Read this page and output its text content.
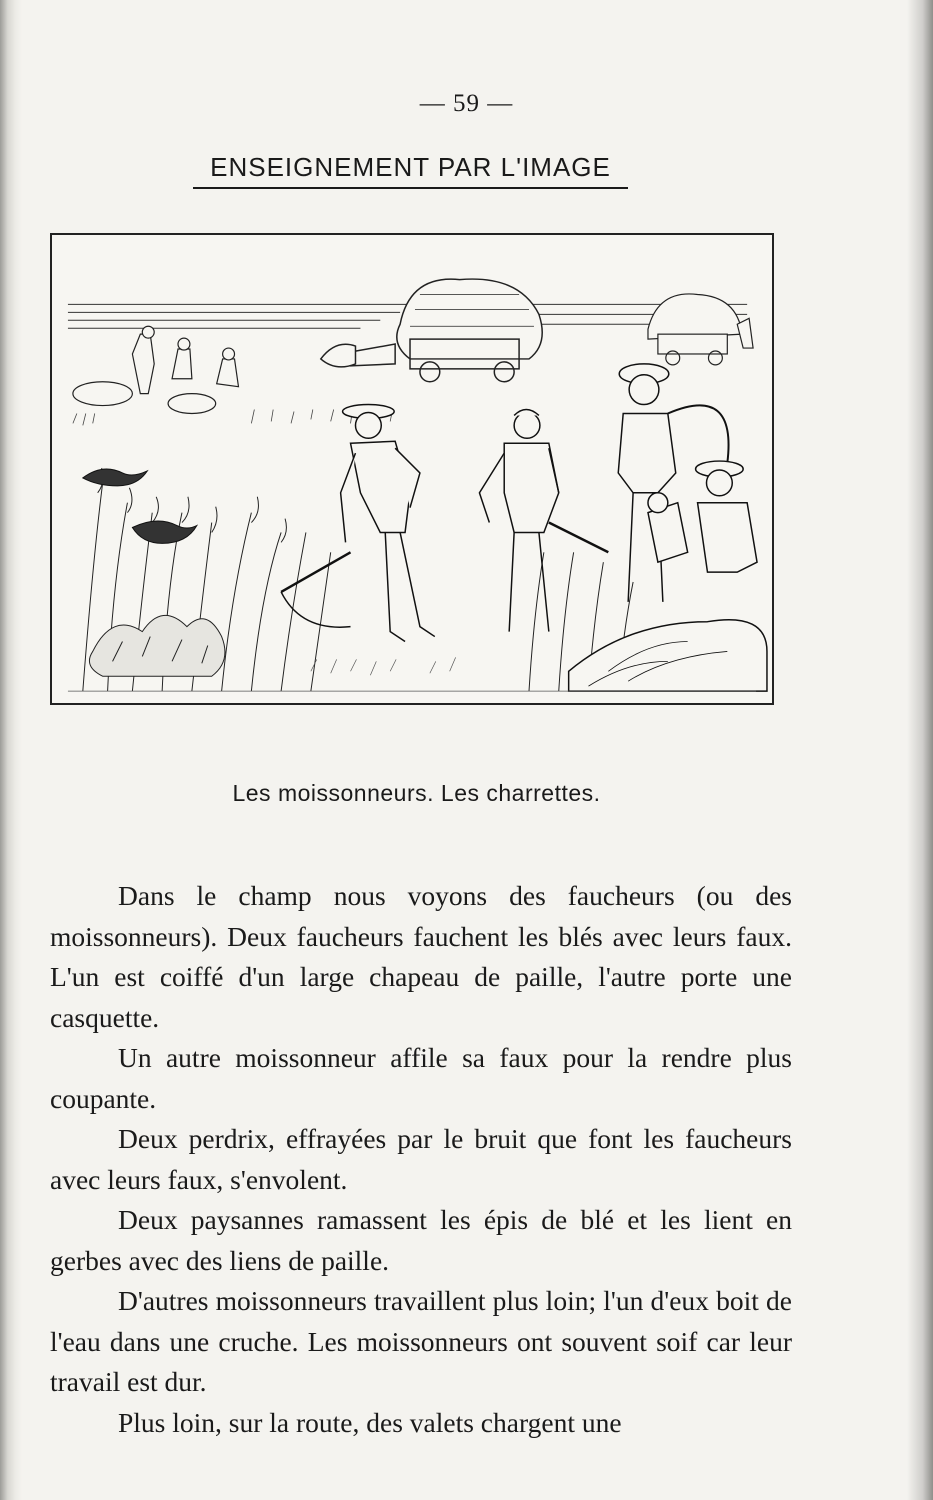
— 59 —
ENSEIGNEMENT PAR L'IMAGE
Les moissonneurs. Les charrettes.

Dans le champ nous voyons des faucheurs (ou des moissonneurs). Deux faucheurs fauchent les blés avec leurs faux. L'un est coiffé d'un large chapeau de paille, l'autre porte une casquette.

Un autre moissonneur affile sa faux pour la rendre plus coupante.

Deux perdrix, effrayées par le bruit que font les faucheurs avec leurs faux, s'envolent.

Deux paysannes ramassent les épis de blé et les lient en gerbes avec des liens de paille.

D'autres moissonneurs travaillent plus loin; l'un d'eux boit de l'eau dans une cruche. Les moissonneurs ont souvent soif car leur travail est dur.

Plus loin, sur la route, des valets chargent une
